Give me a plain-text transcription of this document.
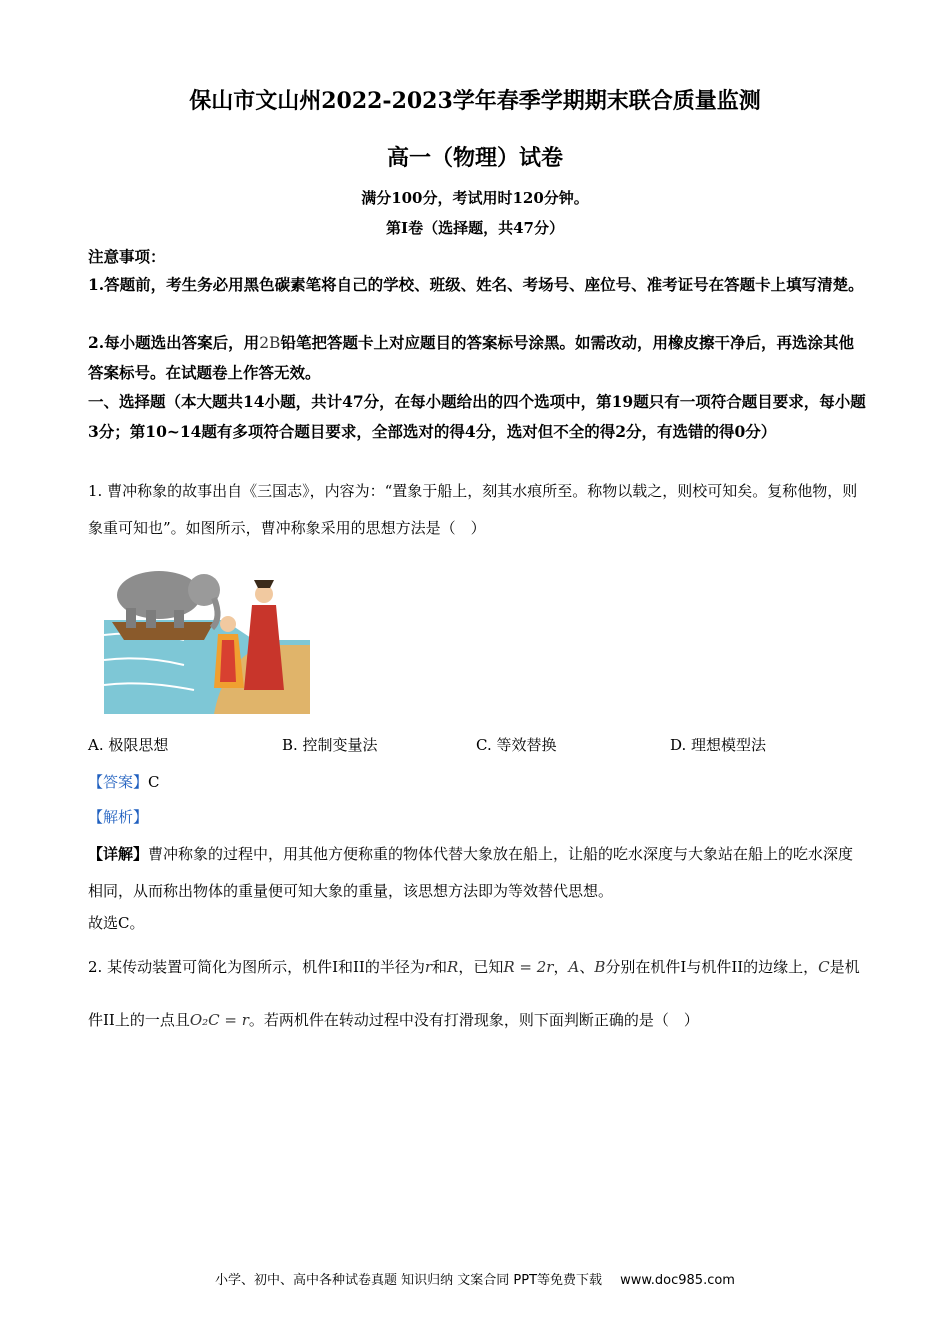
保山市文山州2022-2023学年春季学期期末联合质量监测
高一（物理）试卷
满分100分，考试用时120分钟。
第I卷（选择题，共47分）
注意事项：
1.答题前，考生务必用黑色碳素笔将自己的学校、班级、姓名、考场号、座位号、准考证号在答题卡上填写清楚。
2.每小题选出答案后，用2B铅笔把答题卡上对应题目的答案标号涂黑。如需改动，用橡皮擦干净后，再选涂其他答案标号。在试题卷上作答无效。
一、选择题（本大题共14小题，共计47分，在每小题给出的四个选项中，第19题只有一项符合题目要求，每小题3分；第10~14题有多项符合题目要求，全部选对的得4分，选对但不全的得2分，有选错的得0分）
1. 曹冲称象的故事出自《三国志》，内容为：“置象于船上，刻其水痕所至。称物以载之，则校可知矣。复称他物，则象重可知也”。如图所示，曹冲称象采用的思想方法是（　）
A. 极限思想	B. 控制变量法	C. 等效替换	D. 理想模型法
【答案】C
【解析】
【详解】曹冲称象的过程中，用其他方便称重的物体代替大象放在船上，让船的吃水深度与大象站在船上的吃水深度相同，从而称出物体的重量便可知大象的重量，该思想方法即为等效替代思想。
故选C。
2. 某传动装置可简化为图所示，机件I和II的半径为r和R，已知R = 2r，A、B分别在机件I与机件II的边缘上，C是机件II上的一点且O₂C = r。若两机件在转动过程中没有打滑现象，则下面判断正确的是（　）
小学、初中、高中各种试卷真题 知识归纳 文案合同 PPT等免费下载 www.doc985.com
